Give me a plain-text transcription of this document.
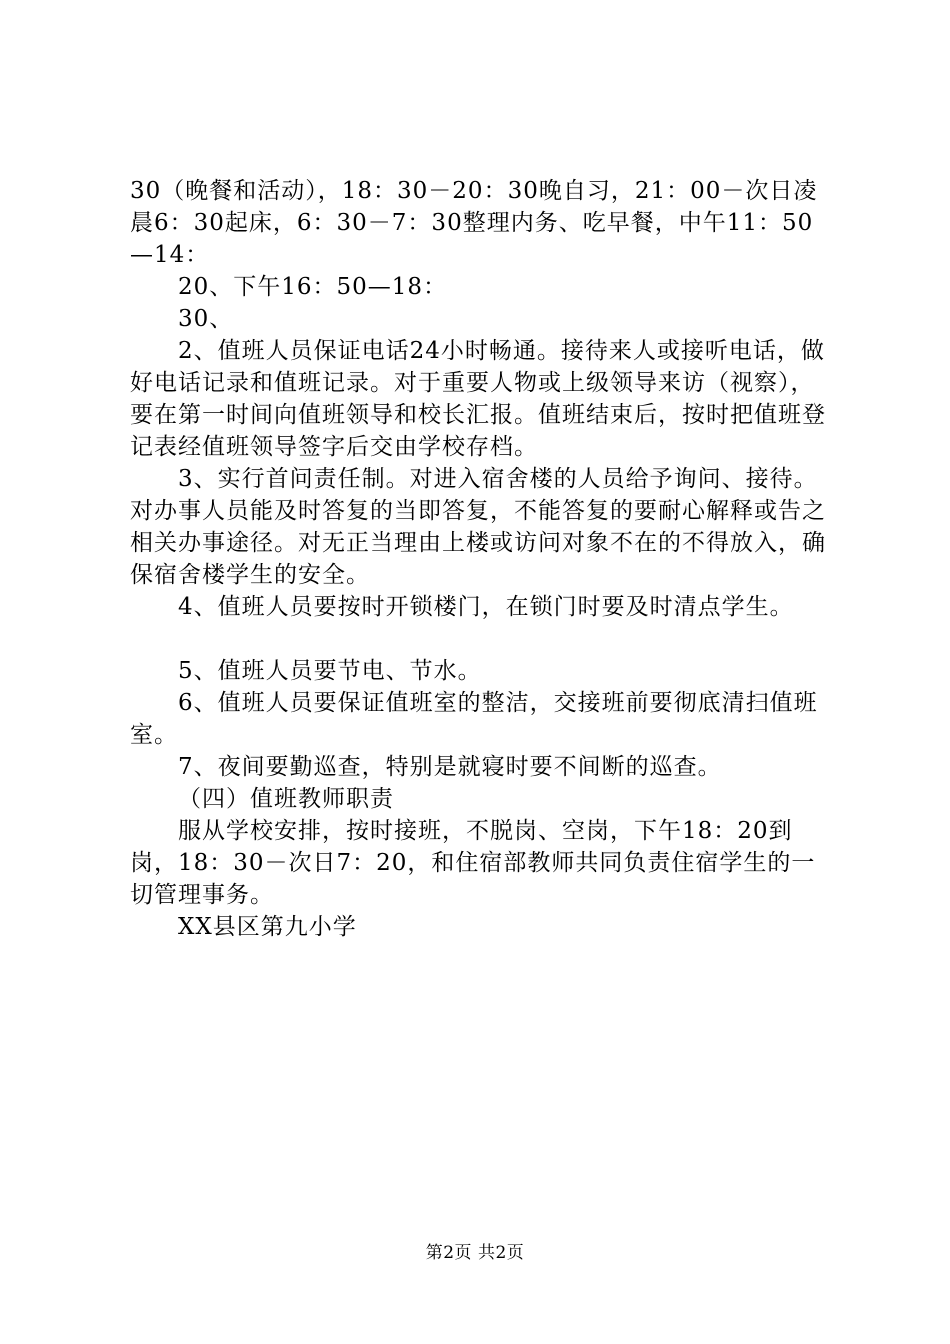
30（晚餐和活动），18：30－20：30晚自习，21：00－次日凌晨6：30起床，6：30－7：30整理内务、吃早餐，中午11：50—14：

20、下午16：50—18：

30、

2、值班人员保证电话24小时畅通。接待来人或接听电话，做好电话记录和值班记录。对于重要人物或上级领导来访（视察），要在第一时间向值班领导和校长汇报。值班结束后，按时把值班登记表经值班领导签字后交由学校存档。

3、实行首问责任制。对进入宿舍楼的人员给予询问、接待。对办事人员能及时答复的当即答复，不能答复的要耐心解释或告之相关办事途径。对无正当理由上楼或访问对象不在的不得放入，确保宿舍楼学生的安全。

4、值班人员要按时开锁楼门，在锁门时要及时清点学生。

5、值班人员要节电、节水。

6、值班人员要保证值班室的整洁，交接班前要彻底清扫值班室。

7、夜间要勤巡查，特别是就寝时要不间断的巡查。

（四）值班教师职责

服从学校安排，按时接班，不脱岗、空岗，下午18：20到岗，18：30－次日7：20，和住宿部教师共同负责住宿学生的一切管理事务。

XX县区第九小学

第2页 共2页
